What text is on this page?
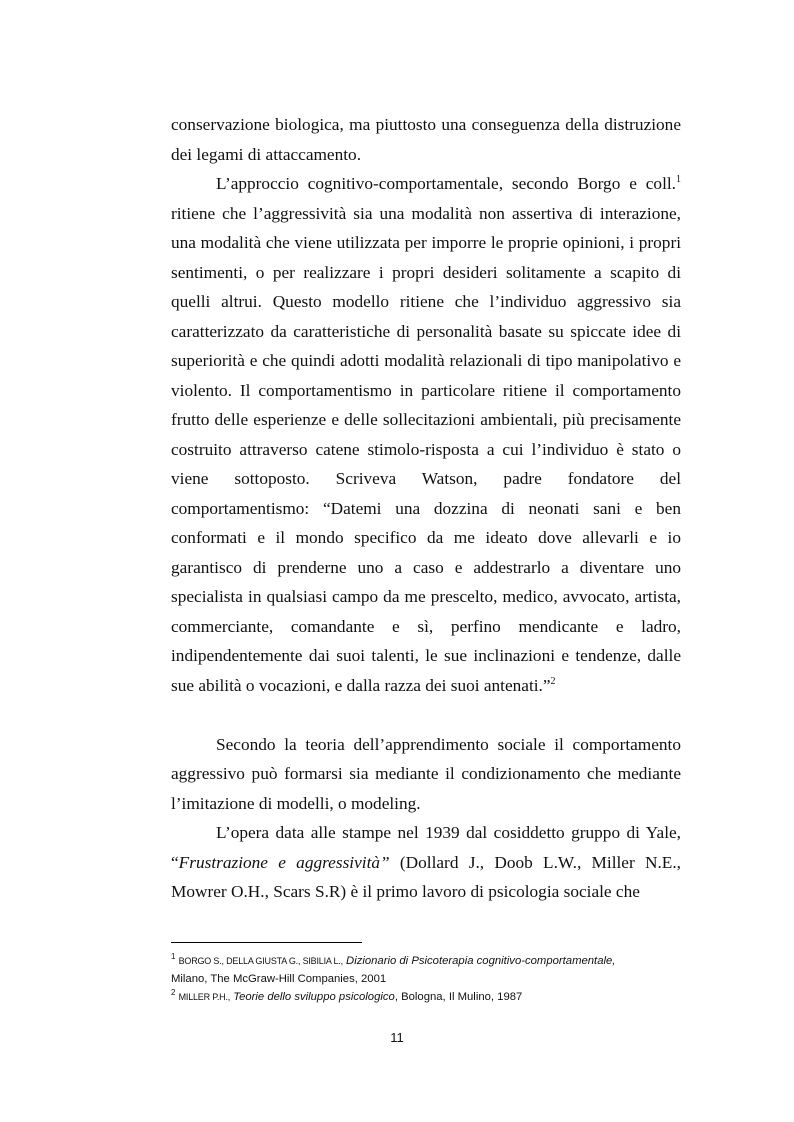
conservazione biologica, ma piuttosto una conseguenza della distruzione dei legami di attaccamento.

L’approccio cognitivo-comportamentale, secondo Borgo e coll.$^1$ ritiene che l’aggressività sia una modalità non assertiva di interazione, una modalità che viene utilizzata per imporre le proprie opinioni, i propri sentimenti, o per realizzare i propri desideri solitamente a scapito di quelli altrui. Questo modello ritiene che l’individuo aggressivo sia caratterizzato da caratteristiche di personalità basate su spiccate idee di superiorità e che quindi adotti modalità relazionali di tipo manipolativo e violento. Il comportamentismo in particolare ritiene il comportamento frutto delle esperienze e delle sollecitazioni ambientali, più precisamente costruito attraverso catene stimolo-risposta a cui l’individuo è stato o viene sottoposto. Scriveva Watson, padre fondatore del comportamentismo: “Datemi una dozzina di neonati sani e ben conformati e il mondo specifico da me ideato dove allevarli e io garantisco di prenderne uno a caso e addestrarlo a diventare uno specialista in qualsiasi campo da me prescelto, medico, avvocato, artista, commerciante, comandante e sì, perfino mendicante e ladro, indipendentemente dai suoi talenti, le sue inclinazioni e tendenze, dalle sue abilità o vocazioni, e dalla razza dei suoi antenati.”$^2$

Secondo la teoria dell’apprendimento sociale il comportamento aggressivo può formarsi sia mediante il condizionamento che mediante l’imitazione di modelli, o modeling.

L’opera data alle stampe nel 1939 dal cosiddetto gruppo di Yale, “Frustrazione e aggressività” (Dollard J., Doob L.W., Miller N.E., Mowrer O.H., Scars S.R) è il primo lavoro di psicologia sociale che

$^1$ BORGO S., DELLA GIUSTA G., SIBILIA L., Dizionario di Psicoterapia cognitivo-comportamentale,
Milano, The McGraw-Hill Companies, 2001

$^2$ MILLER P.H., Teorie dello sviluppo psicologico, Bologna, Il Mulino, 1987

11
